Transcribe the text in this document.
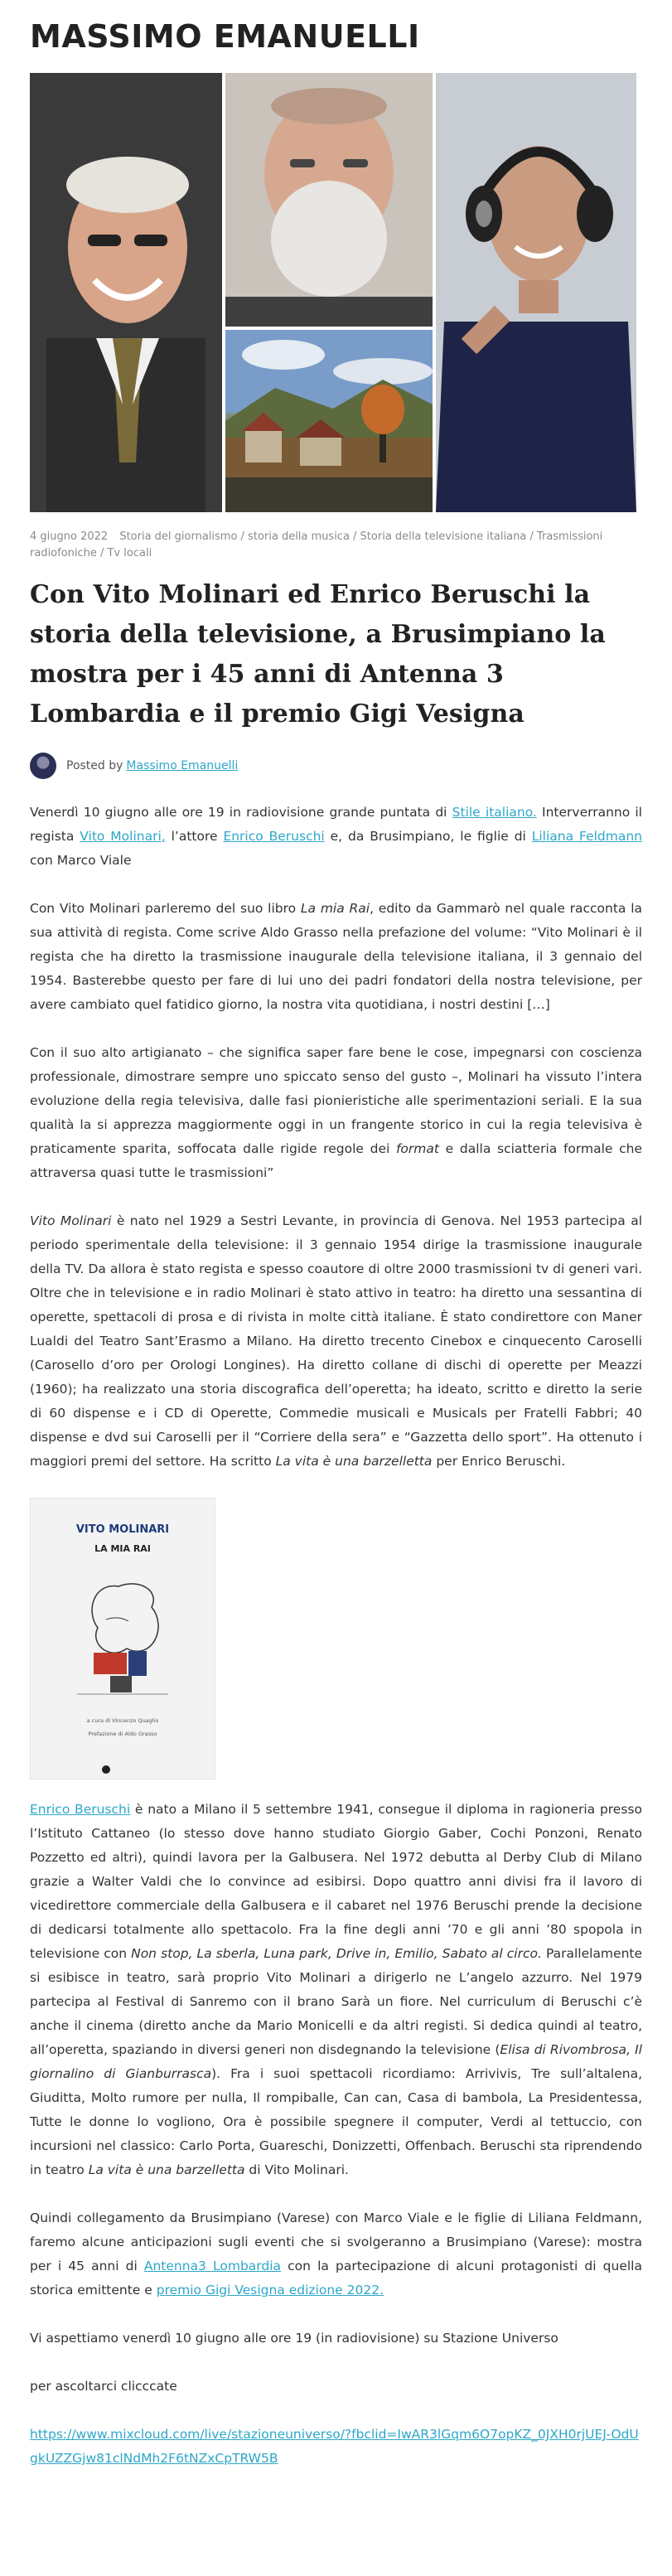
MASSIMO EMANUELLI
4 giugno 2022 Storia del giornalismo / storia della musica / Storia della televisione italiana / Trasmissioni radiofoniche / Tv locali
Con Vito Molinari ed Enrico Beruschi la storia della televisione, a Brusimpiano la mostra per i 45 anni di Antenna 3 Lombardia e il premio Gigi Vesigna
Posted by Massimo Emanuelli

Venerdì 10 giugno alle ore 19 in radiovisione grande puntata di Stile italiano. Interverranno il regista Vito Molinari, l’attore Enrico Beruschi e, da Brusimpiano, le figlie di Liliana Feldmann con Marco Viale

Con Vito Molinari parleremo del suo libro La mia Rai, edito da Gammarò nel quale racconta la sua attività di regista. Come scrive Aldo Grasso nella prefazione del volume: “Vito Molinari è il regista che ha diretto la trasmissione inaugurale della televisione italiana, il 3 gennaio del 1954. Basterebbe questo per fare di lui uno dei padri fondatori della nostra televisione, per avere cambiato quel fatidico giorno, la nostra vita quotidiana, i nostri destini […]

Con il suo alto artigianato – che significa saper fare bene le cose, impegnarsi con coscienza professionale, dimostrare sempre uno spiccato senso del gusto –, Molinari ha vissuto l’intera evoluzione della regia televisiva, dalle fasi pionieristiche alle sperimentazioni seriali. E la sua qualità la si apprezza maggiormente oggi in un frangente storico in cui la regia televisiva è praticamente sparita, soffocata dalle rigide regole dei format e dalla sciatteria formale che attraversa quasi tutte le trasmissioni”

Vito Molinari è nato nel 1929 a Sestri Levante, in provincia di Genova. Nel 1953 partecipa al periodo sperimentale della televisione: il 3 gennaio 1954 dirige la trasmissione inaugurale della TV. Da allora è stato regista e spesso coautore di oltre 2000 trasmissioni tv di generi vari. Oltre che in televisione e in radio Molinari è stato attivo in teatro: ha diretto una sessantina di operette, spettacoli di prosa e di rivista in molte città italiane. È stato condirettore con Maner Lualdi del Teatro Sant’Erasmo a Milano. Ha diretto trecento Cinebox e cinquecento Caroselli (Carosello d’oro per Orologi Longines). Ha diretto collane di dischi di operette per Meazzi (1960); ha realizzato una storia discografica dell’operetta; ha ideato, scritto e diretto la serie di 60 dispense e i CD di Operette, Commedie musicali e Musicals per Fratelli Fabbri; 40 dispense e dvd sui Caroselli per il “Corriere della sera” e “Gazzetta dello sport”. Ha ottenuto i maggiori premi del settore. Ha scritto La vita è una barzelletta per Enrico Beruschi.

VITO MOLINARI
LA MIA RAI
a cura di Vincenzo Quaglio
Prefazione di Aldo Grasso

Enrico Beruschi è nato a Milano il 5 settembre 1941, consegue il diploma in ragioneria presso l’Istituto Cattaneo (lo stesso dove hanno studiato Giorgio Gaber, Cochi Ponzoni, Renato Pozzetto ed altri), quindi lavora per la Galbusera. Nel 1972 debutta al Derby Club di Milano grazie a Walter Valdi che lo convince ad esibirsi. Dopo quattro anni divisi fra il lavoro di vicedirettore commerciale della Galbusera e il cabaret nel 1976 Beruschi prende la decisione di dedicarsi totalmente allo spettacolo. Fra la fine degli anni ’70 e gli anni ’80 spopola in televisione con Non stop, La sberla, Luna park, Drive in, Emilio, Sabato al circo. Parallelamente si esibisce in teatro, sarà proprio Vito Molinari a dirigerlo ne L’angelo azzurro. Nel 1979 partecipa al Festival di Sanremo con il brano Sarà un fiore. Nel curriculum di Beruschi c’è anche il cinema (diretto anche da Mario Monicelli e da altri registi. Si dedica quindi al teatro, all’operetta, spaziando in diversi generi non disdegnando la televisione (Elisa di Rivombrosa, Il giornalino di Gianburrasca). Fra i suoi spettacoli ricordiamo: Arrivivis, Tre sull’altalena, Giuditta, Molto rumore per nulla, Il rompiballe, Can can, Casa di bambola, La Presidentessa, Tutte le donne lo vogliono, Ora è possibile spegnere il computer, Verdi al tettuccio, con incursioni nel classico: Carlo Porta, Guareschi, Donizzetti, Offenbach. Beruschi sta riprendendo in teatro La vita è una barzelletta di Vito Molinari.

Quindi collegamento da Brusimpiano (Varese) con Marco Viale e le figlie di Liliana Feldmann, faremo alcune anticipazioni sugli eventi che si svolgeranno a Brusimpiano (Varese): mostra per i 45 anni di Antenna3 Lombardia con la partecipazione di alcuni protagonisti di quella storica emittente e premio Gigi Vesigna edizione 2022.

Vi aspettiamo venerdì 10 giugno alle ore 19 (in radiovisione) su Stazione Universo

per ascoltarci clicccate

https://www.mixcloud.com/live/stazioneuniverso/?fbclid=IwAR3lGqm6O7opKZ_0JXH0rjUEJ-OdUgkUZZGjw81clNdMh2F6tNZxCpTRW5B
